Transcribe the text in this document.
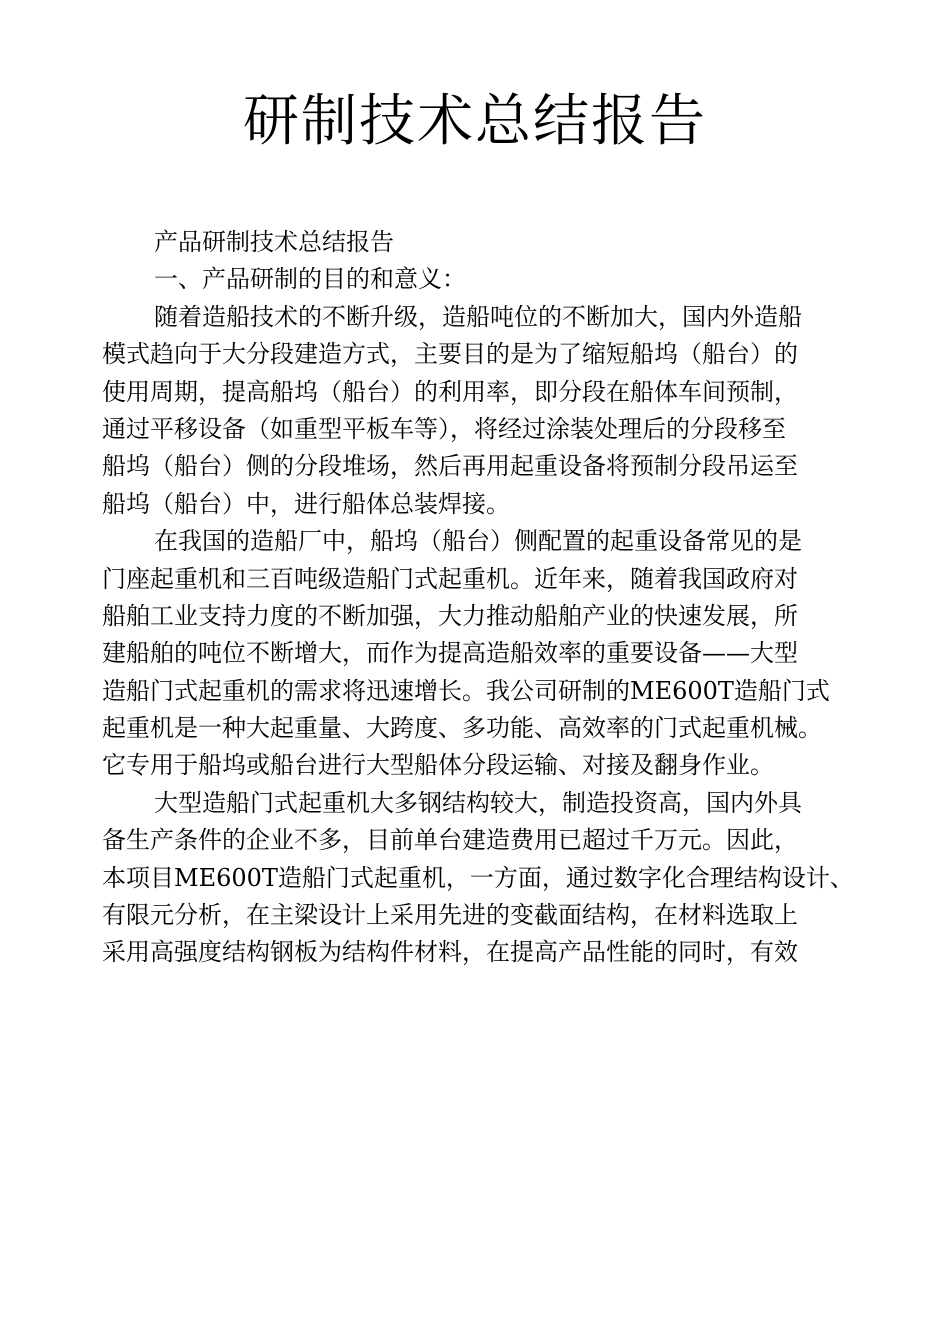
研制技术总结报告
产品研制技术总结报告
一、产品研制的目的和意义：
随着造船技术的不断升级，造船吨位的不断加大，国内外造船
模式趋向于大分段建造方式，主要目的是为了缩短船坞（船台）的
使用周期，提高船坞（船台）的利用率，即分段在船体车间预制，
通过平移设备（如重型平板车等），将经过涂装处理后的分段移至
船坞（船台）侧的分段堆场，然后再用起重设备将预制分段吊运至
船坞（船台）中，进行船体总装焊接。
在我国的造船厂中，船坞（船台）侧配置的起重设备常见的是
门座起重机和三百吨级造船门式起重机。近年来，随着我国政府对
船舶工业支持力度的不断加强，大力推动船舶产业的快速发展，所
建船舶的吨位不断增大，而作为提高造船效率的重要设备——大型
造船门式起重机的需求将迅速增长。我公司研制的ME600T造船门式
起重机是一种大起重量、大跨度、多功能、高效率的门式起重机械。
它专用于船坞或船台进行大型船体分段运输、对接及翻身作业。
大型造船门式起重机大多钢结构较大，制造投资高，国内外具
备生产条件的企业不多，目前单台建造费用已超过千万元。因此，
本项目ME600T造船门式起重机，一方面，通过数字化合理结构设计、
有限元分析，在主梁设计上采用先进的变截面结构，在材料选取上
采用高强度结构钢板为结构件材料，在提高产品性能的同时，有效
